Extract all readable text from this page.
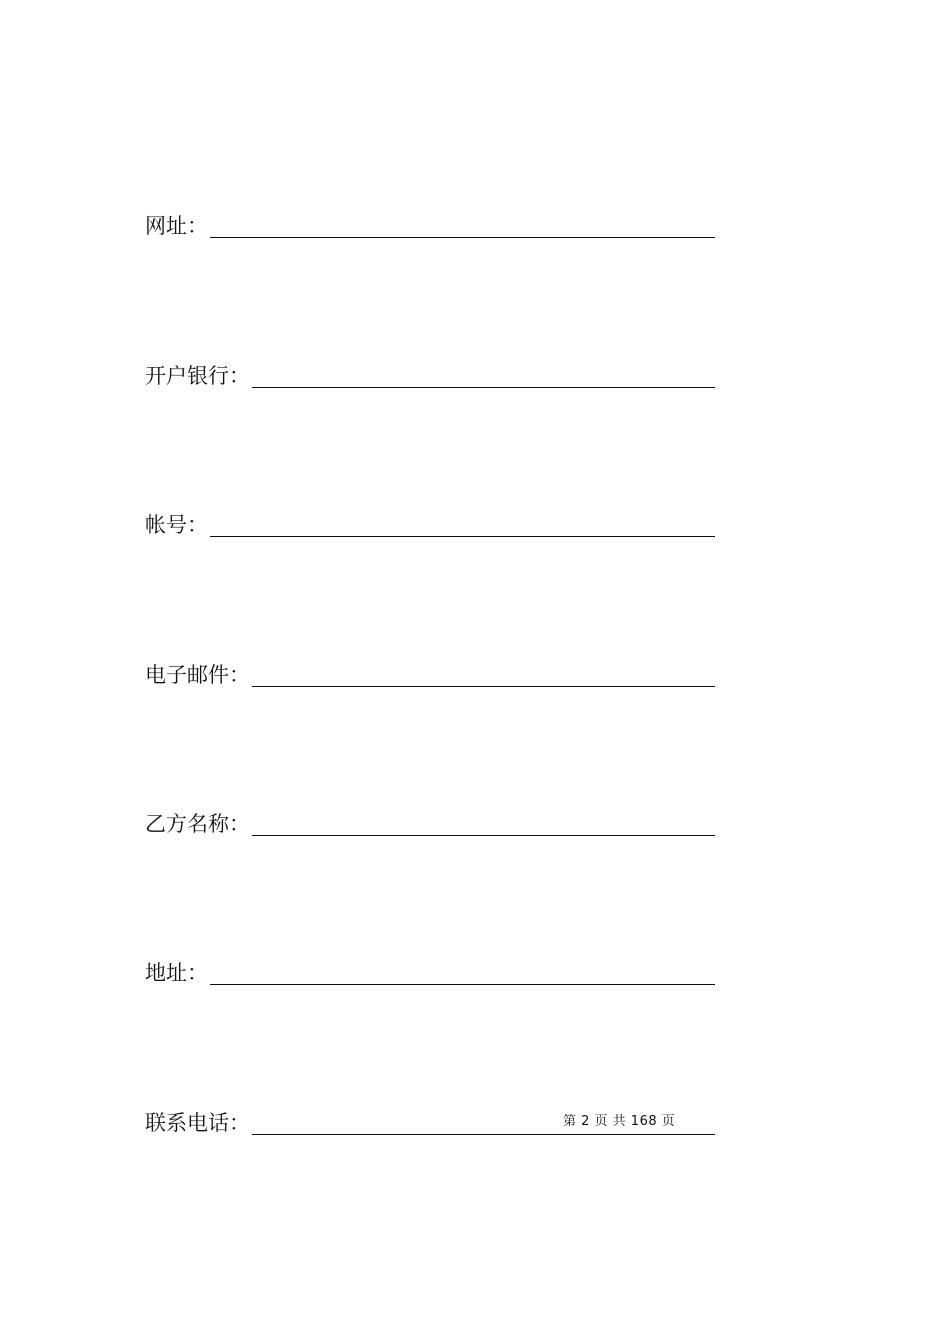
网址：
开户银行：
帐号：
电子邮件：
乙方名称：
地址：
联系电话：	第 2 页 共 168 页
